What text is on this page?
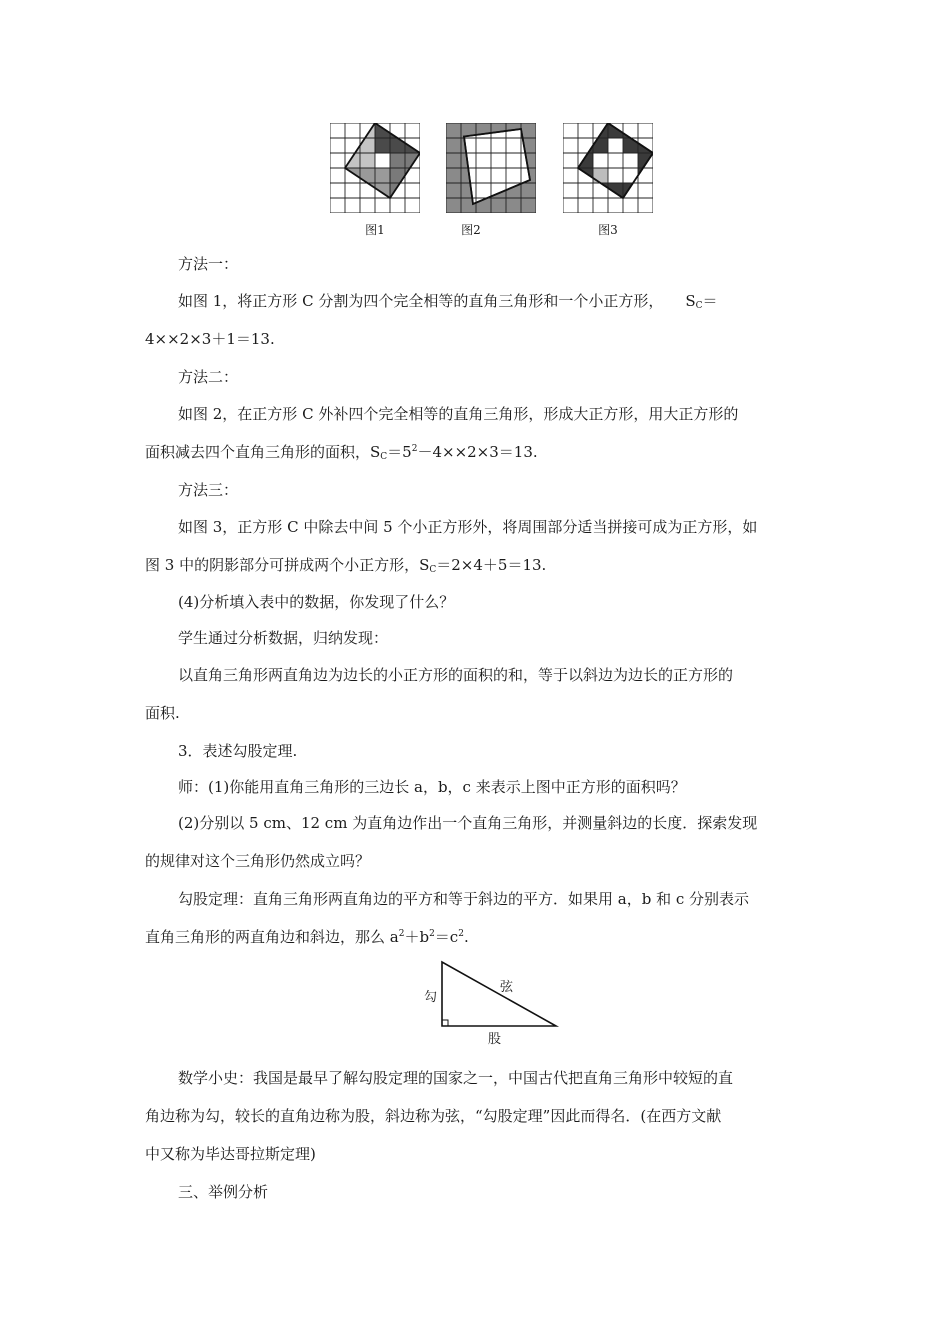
图1	图2	图3
方法一：
如图 1，将正方形 C 分割为四个完全相等的直角三角形和一个小正方形， $S_C=$
4××2×3＋1＝13.
方法二：
如图 2，在正方形 C 外补四个完全相等的直角三角形，形成大正方形，用大正方形的
面积减去四个直角三角形的面积，$S_C=5^2-4\times\times 2\times 3=13$.
方法三：
如图 3，正方形 C 中除去中间 5 个小正方形外，将周围部分适当拼接可成为正方形，如
图 3 中的阴影部分可拼成两个小正方形，$S_C=2\times 4+5=13$.
(4)分析填入表中的数据，你发现了什么？
学生通过分析数据，归纳发现：
以直角三角形两直角边为边长的小正方形的面积的和，等于以斜边为边长的正方形的
面积.
3．表述勾股定理.
师：(1)你能用直角三角形的三边长 a，b，c 来表示上图中正方形的面积吗？
(2)分别以 5 cm、12 cm 为直角边作出一个直角三角形，并测量斜边的长度．探索发现
的规律对这个三角形仍然成立吗？
勾股定理：直角三角形两直角边的平方和等于斜边的平方．如果用 a，b 和 c 分别表示
直角三角形的两直角边和斜边，那么 $a^2+b^2=c^2$.
勾
股
弦
数学小史：我国是最早了解勾股定理的国家之一，中国古代把直角三角形中较短的直
角边称为勾，较长的直角边称为股，斜边称为弦，“勾股定理”因此而得名．(在西方文献
中又称为毕达哥拉斯定理)
三、举例分析
